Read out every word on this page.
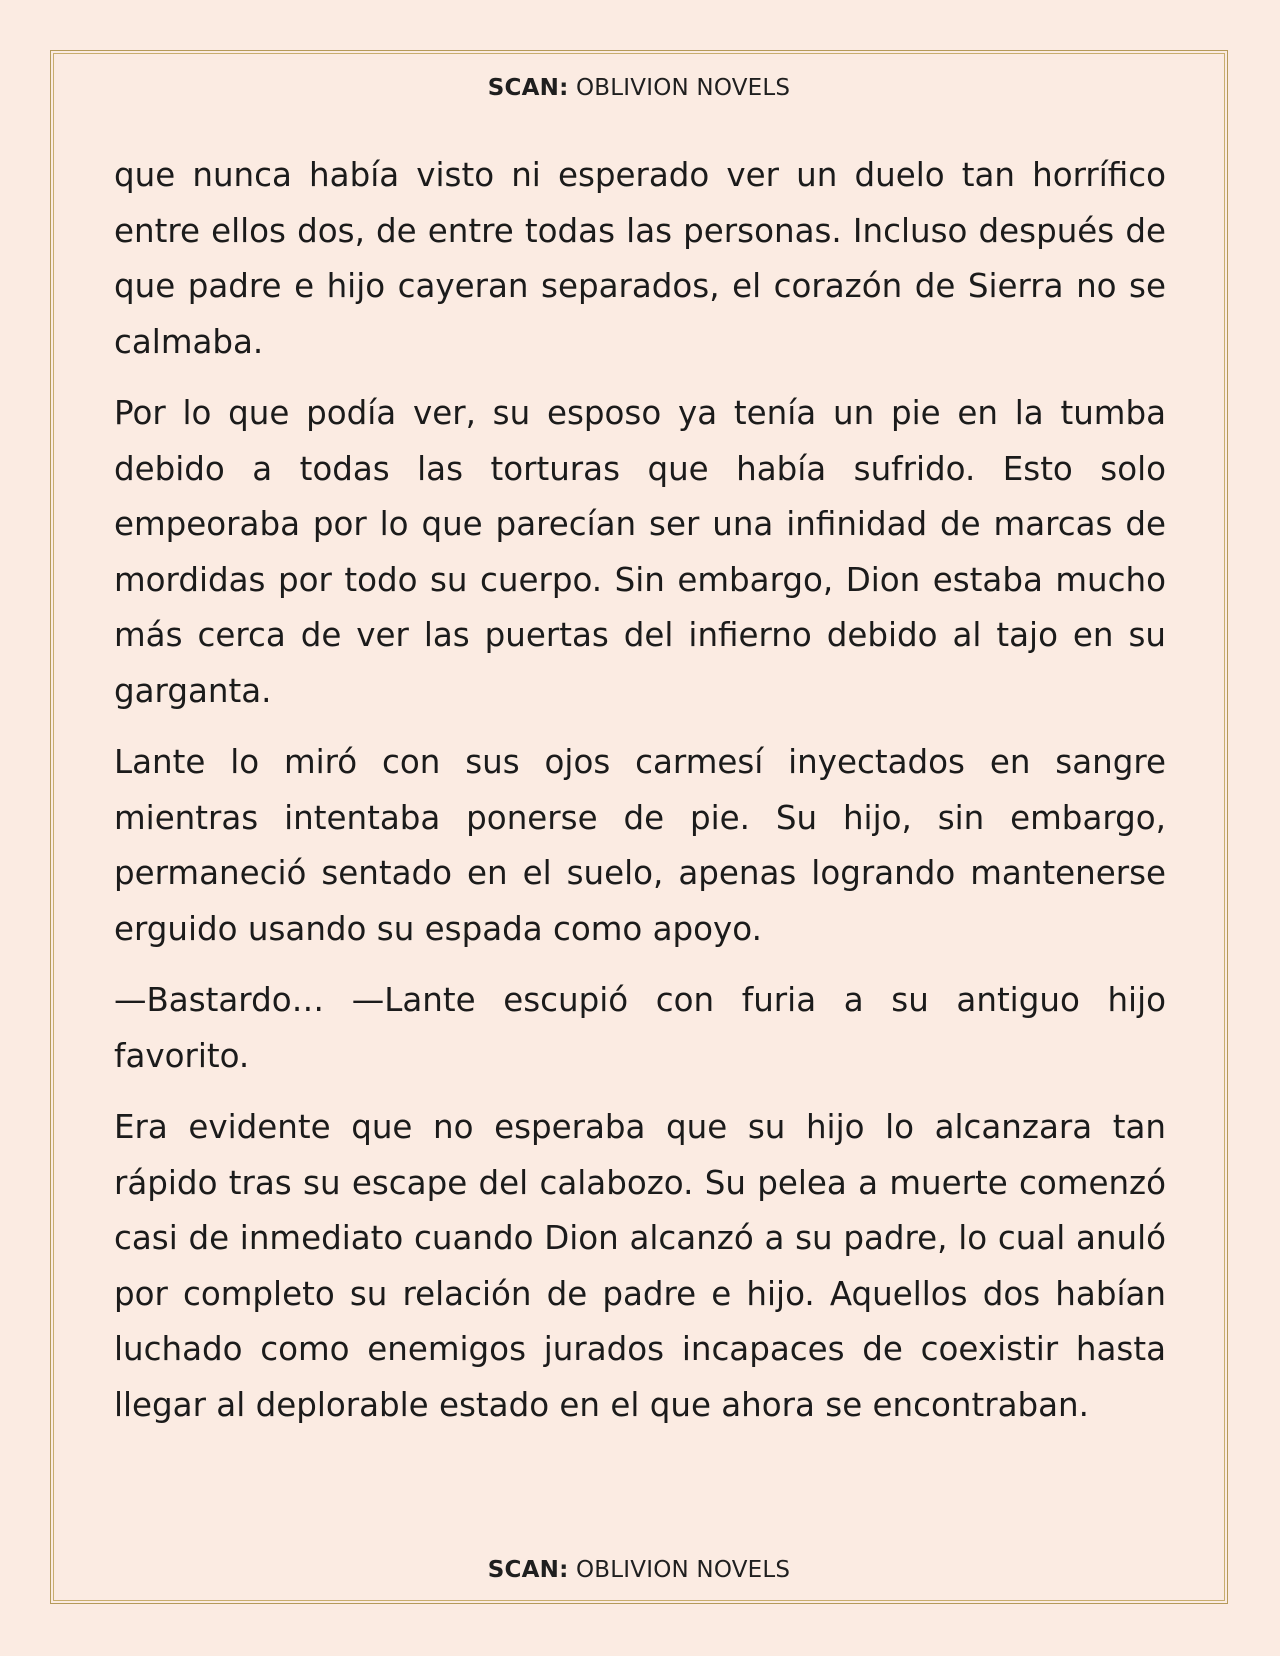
SCAN: OBLIVION NOVELS

que nunca había visto ni esperado ver un duelo tan horrífico entre ellos dos, de entre todas las personas. Incluso después de que padre e hijo cayeran separados, el corazón de Sierra no se calmaba.

Por lo que podía ver, su esposo ya tenía un pie en la tumba debido a todas las torturas que había sufrido. Esto solo empeoraba por lo que parecían ser una infinidad de marcas de mordidas por todo su cuerpo. Sin embargo, Dion estaba mucho más cerca de ver las puertas del infierno debido al tajo en su garganta.

Lante lo miró con sus ojos carmesí inyectados en sangre mientras intentaba ponerse de pie. Su hijo, sin embargo, permaneció sentado en el suelo, apenas logrando mantenerse erguido usando su espada como apoyo.

—Bastardo… —Lante escupió con furia a su antiguo hijo favorito.

Era evidente que no esperaba que su hijo lo alcanzara tan rápido tras su escape del calabozo. Su pelea a muerte comenzó casi de inmediato cuando Dion alcanzó a su padre, lo cual anuló por completo su relación de padre e hijo. Aquellos dos habían luchado como enemigos jurados incapaces de coexistir hasta llegar al deplorable estado en el que ahora se encontraban.

SCAN: OBLIVION NOVELS
